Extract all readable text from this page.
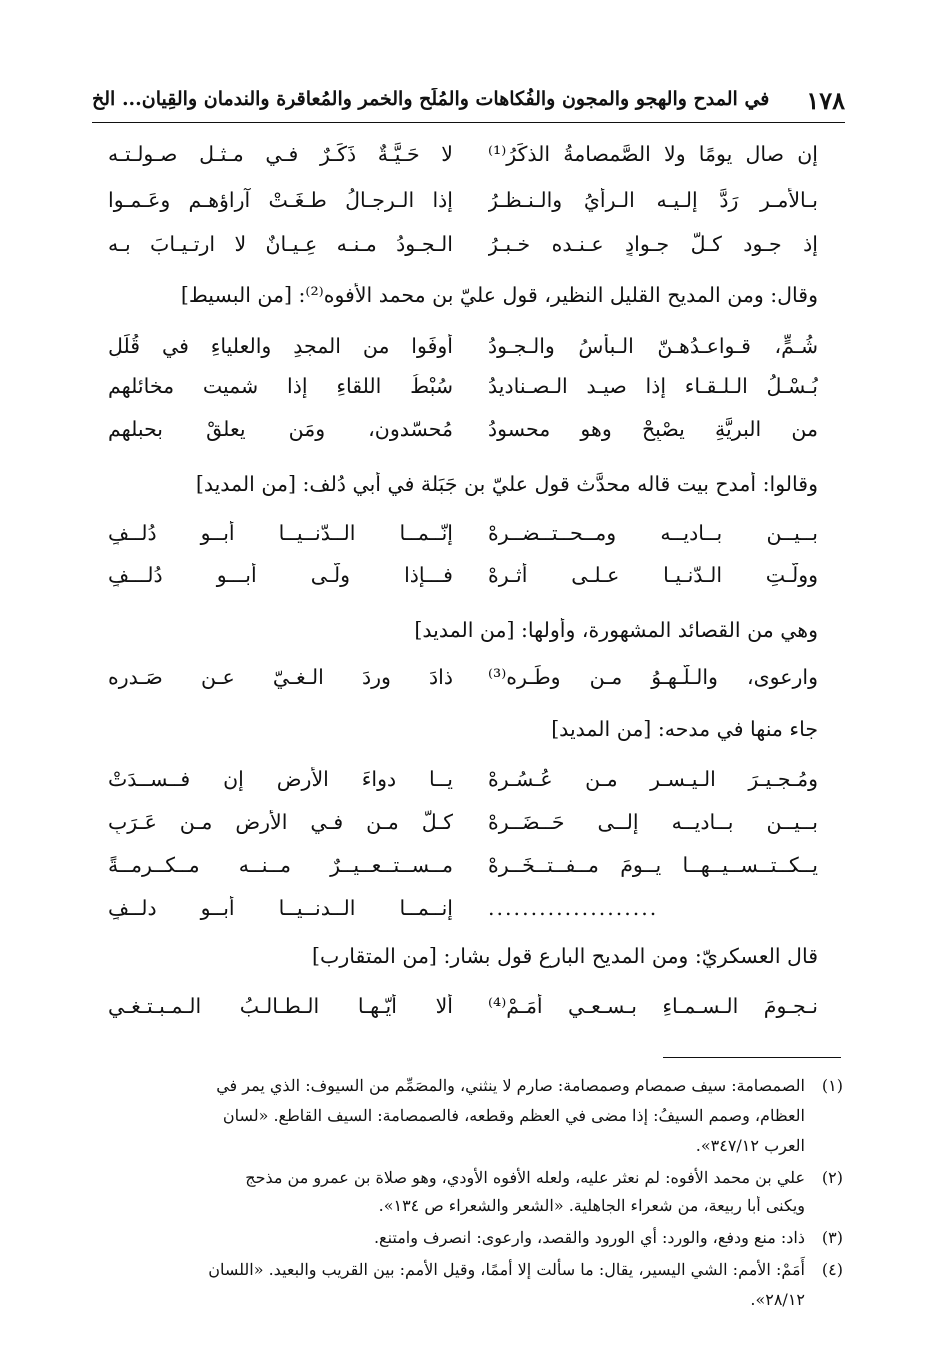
١٧٨
في المدح والهجو والمجون والفُكاهات والمُلَح والخمر والمُعاقرة والندمان والقِيان... الخ
لا حَـيَّـةٌ ذَكَـرٌ فـي مـثـل صـولـتـه إن صال يومًا ولا الصَّمصامةُ الذكَرُ⁽¹⁾
إذا الـرجـالُ طـغَـتْ آراؤهـم وعَـمـوا بـالأمـر رَدَّ إلـيـه الـرأيُ والـنـظـرُ
الـجـودُ مـنـه عِـيـانٌ لا ارتـيـابَ بـه إذ جـود كـلّ جـوادٍ عـنـده خـبـرُ
وقال: ومن المديح القليل النظير، قول عليّ بن محمد الأفوه⁽²⁾: [من البسيط]
أوفَوا من المجدِ والعلياءِ في قُلَلٍ شُـمٍّ، قـواعـدُهـنّ الـبأسُ والـجـودُ
سُبْطُ اللقاءِ إذا شميت مخائلهم بُـسْـلُ الـلـقـاء إذا صيـد الـصـناديدُ
مُحسّدون، ومَن يعلقْ بحبلهم من البريَّةِ يصْبِحْ وهو محسودُ
وقالوا: أمدح بيت قاله محدَّث قول عليّ بن جَبَلة في أبي دُلف: [من المديد]
إنّــمــا الــدّنــيــا أبــو دُلــفٍ بــيــن بــاديــه ومــحــتــضــرِهْ
فـــإذا ولّـى أبـــو دُلـــفٍ وولّـتِ الـدّنـيـا عـلـى أثـرِهْ
وهي من القصائد المشهورة، وأولها: [من المديد]
ذادَ وِردَ الـغـيّ عـن صَـدرِه وارعوى، والـلّـهـوُ مـن وطَـرِه⁽³⁾
جاء منها في مدحه: [من المديد]
يــا دواءَ الأرضِ إن فــســدَتْ ومُـجـيـرَ الـيـسـرِ مـن عُـسُـرِهْ
كـلُّ مـن فـي الأرضِ مـن عَـرَبٍ بــيــن بــاديــه إلــى حَــضَــرِهْ
مــســتــعــيــرٌ مــنــه مــكــرمــةً يــكــتــســيــهــا يــومَ مــفــتــخَــرِهْ
إنــمــا الــدنــيــا أبــو دلــفٍ ....................
قال العسكريّ: ومن المديح البارع قول بشار: [من المتقارب]
ألا أيّـهـا الـطـالـبُ الـمـبـتـغـي نـجـومَ الـسـمـاءِ بـسـعـيٍ أَمَـمْ⁽⁴⁾
(١)الصمصامة: سيف صمصام وصمصامة: صارم لا ينثني، والمصَمِّم من السيوف: الذي يمر في
العظام، وصمم السيفُ: إذا مضى في العظم وقطعه، فالصمصامة: السيف القاطع. «لسان
العرب ٣٤٧/١٢».
(٢)علي بن محمد الأفوه: لم نعثر عليه، ولعله الأفوه الأودي، وهو صلاة بن عمرو من مذحج
ويكنى أبا ربيعة، من شعراء الجاهلية. «الشعر والشعراء ص ١٣٤».
(٣)ذاد: منع ودفع، والورد: أي الورود والقصد، وارعوى: انصرف وامتنع.
(٤)أَمَمْ: الأمم: الشي اليسير، يقال: ما سألت إلا أممًا، وقيل الأمم: بين القريب والبعيد. «اللسان
٢٨/١٢».
